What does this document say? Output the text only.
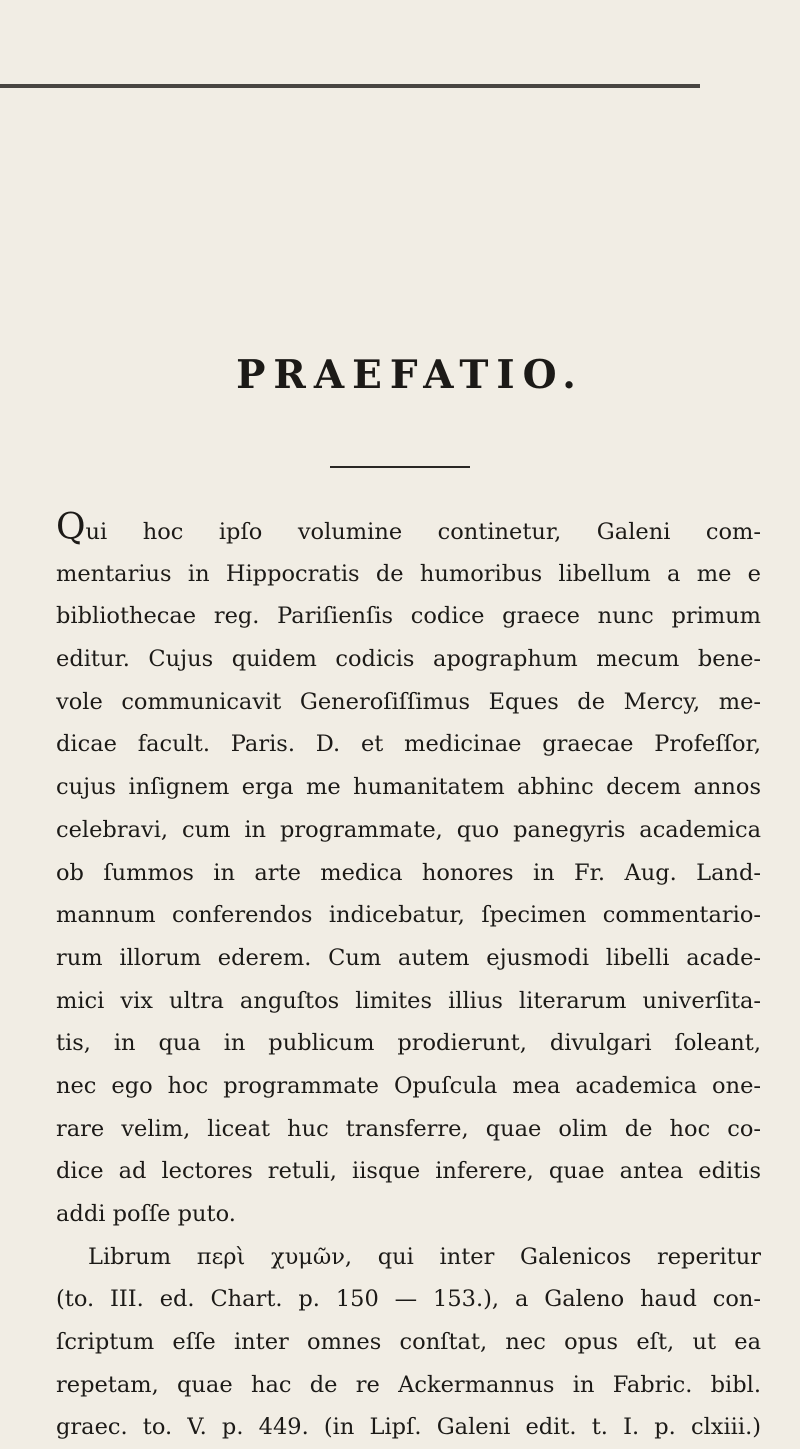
PRAEFATIO.
Qui hoc ipſo volumine continetur, Galeni com-
mentarius in Hippocratis de humoribus libellum a me e
bibliothecae reg. Pariſienſis codice graece nunc primum
editur. Cujus quidem codicis apographum mecum bene-
vole communicavit Generoſiſſimus Eques de Mercy, me-
dicae facult. Paris. D. et medicinae graecae Profeſſor,
cujus inſignem erga me humanitatem abhinc decem annos
celebravi, cum in programmate, quo panegyris academica
ob ſummos in arte medica honores in Fr. Aug. Land-
mannum conferendos indicebatur, ſpecimen commentario-
rum illorum ederem. Cum autem ejusmodi libelli acade-
mici vix ultra anguſtos limites illius literarum univerſita-
tis, in qua in publicum prodierunt, divulgari ſoleant,
nec ego hoc programmate Opuſcula mea academica one-
rare velim, liceat huc transferre, quae olim de hoc co-
dice ad lectores retuli, iisque inferere, quae antea editis
addi poſſe puto.
Librum περὶ χυμῶν, qui inter Galenicos reperitur
(to. III. ed. Chart. p. 150 — 153.), a Galeno haud con-
ſcriptum eſſe inter omnes conſtat, nec opus eſt, ut ea
repetam, quae hac de re Ackermannus in Fabric. bibl.
graec. to. V. p. 449. (in Lipſ. Galeni edit. t. I. p. clxiii.)
